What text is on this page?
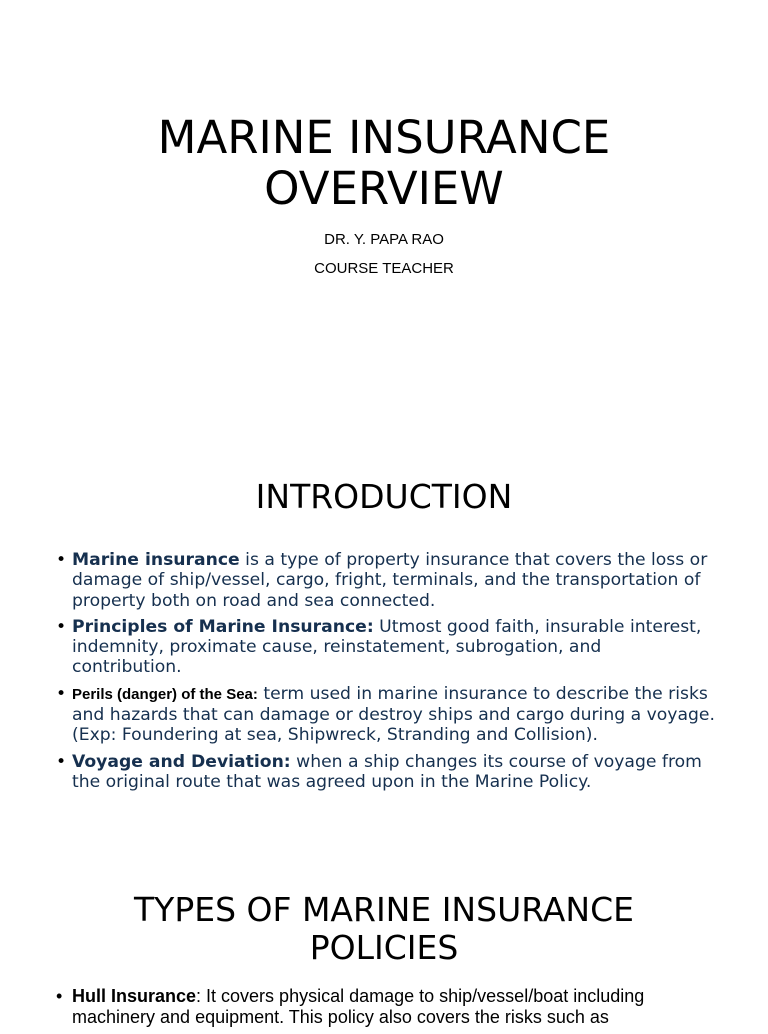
MARINE INSURANCE
OVERVIEW
DR. Y. PAPA RAO
COURSE TEACHER
INTRODUCTION
• Marine insurance is a type of property insurance that covers the loss or damage of ship/vessel, cargo, fright, terminals, and the transportation of property both on road and sea connected.
• Principles of Marine Insurance: Utmost good faith, insurable interest, indemnity, proximate cause, reinstatement, subrogation, and contribution.
• Perils (danger) of the Sea: term used in marine insurance to describe the risks and hazards that can damage or destroy ships and cargo during a voyage. (Exp: Foundering at sea, Shipwreck, Stranding and Collision).
• Voyage and Deviation: when a ship changes its course of voyage from the original route that was agreed upon in the Marine Policy.
TYPES OF MARINE INSURANCE
POLICIES
• Hull Insurance: It covers physical damage to ship/vessel/boat including machinery and equipment. This policy also covers the risks such as
